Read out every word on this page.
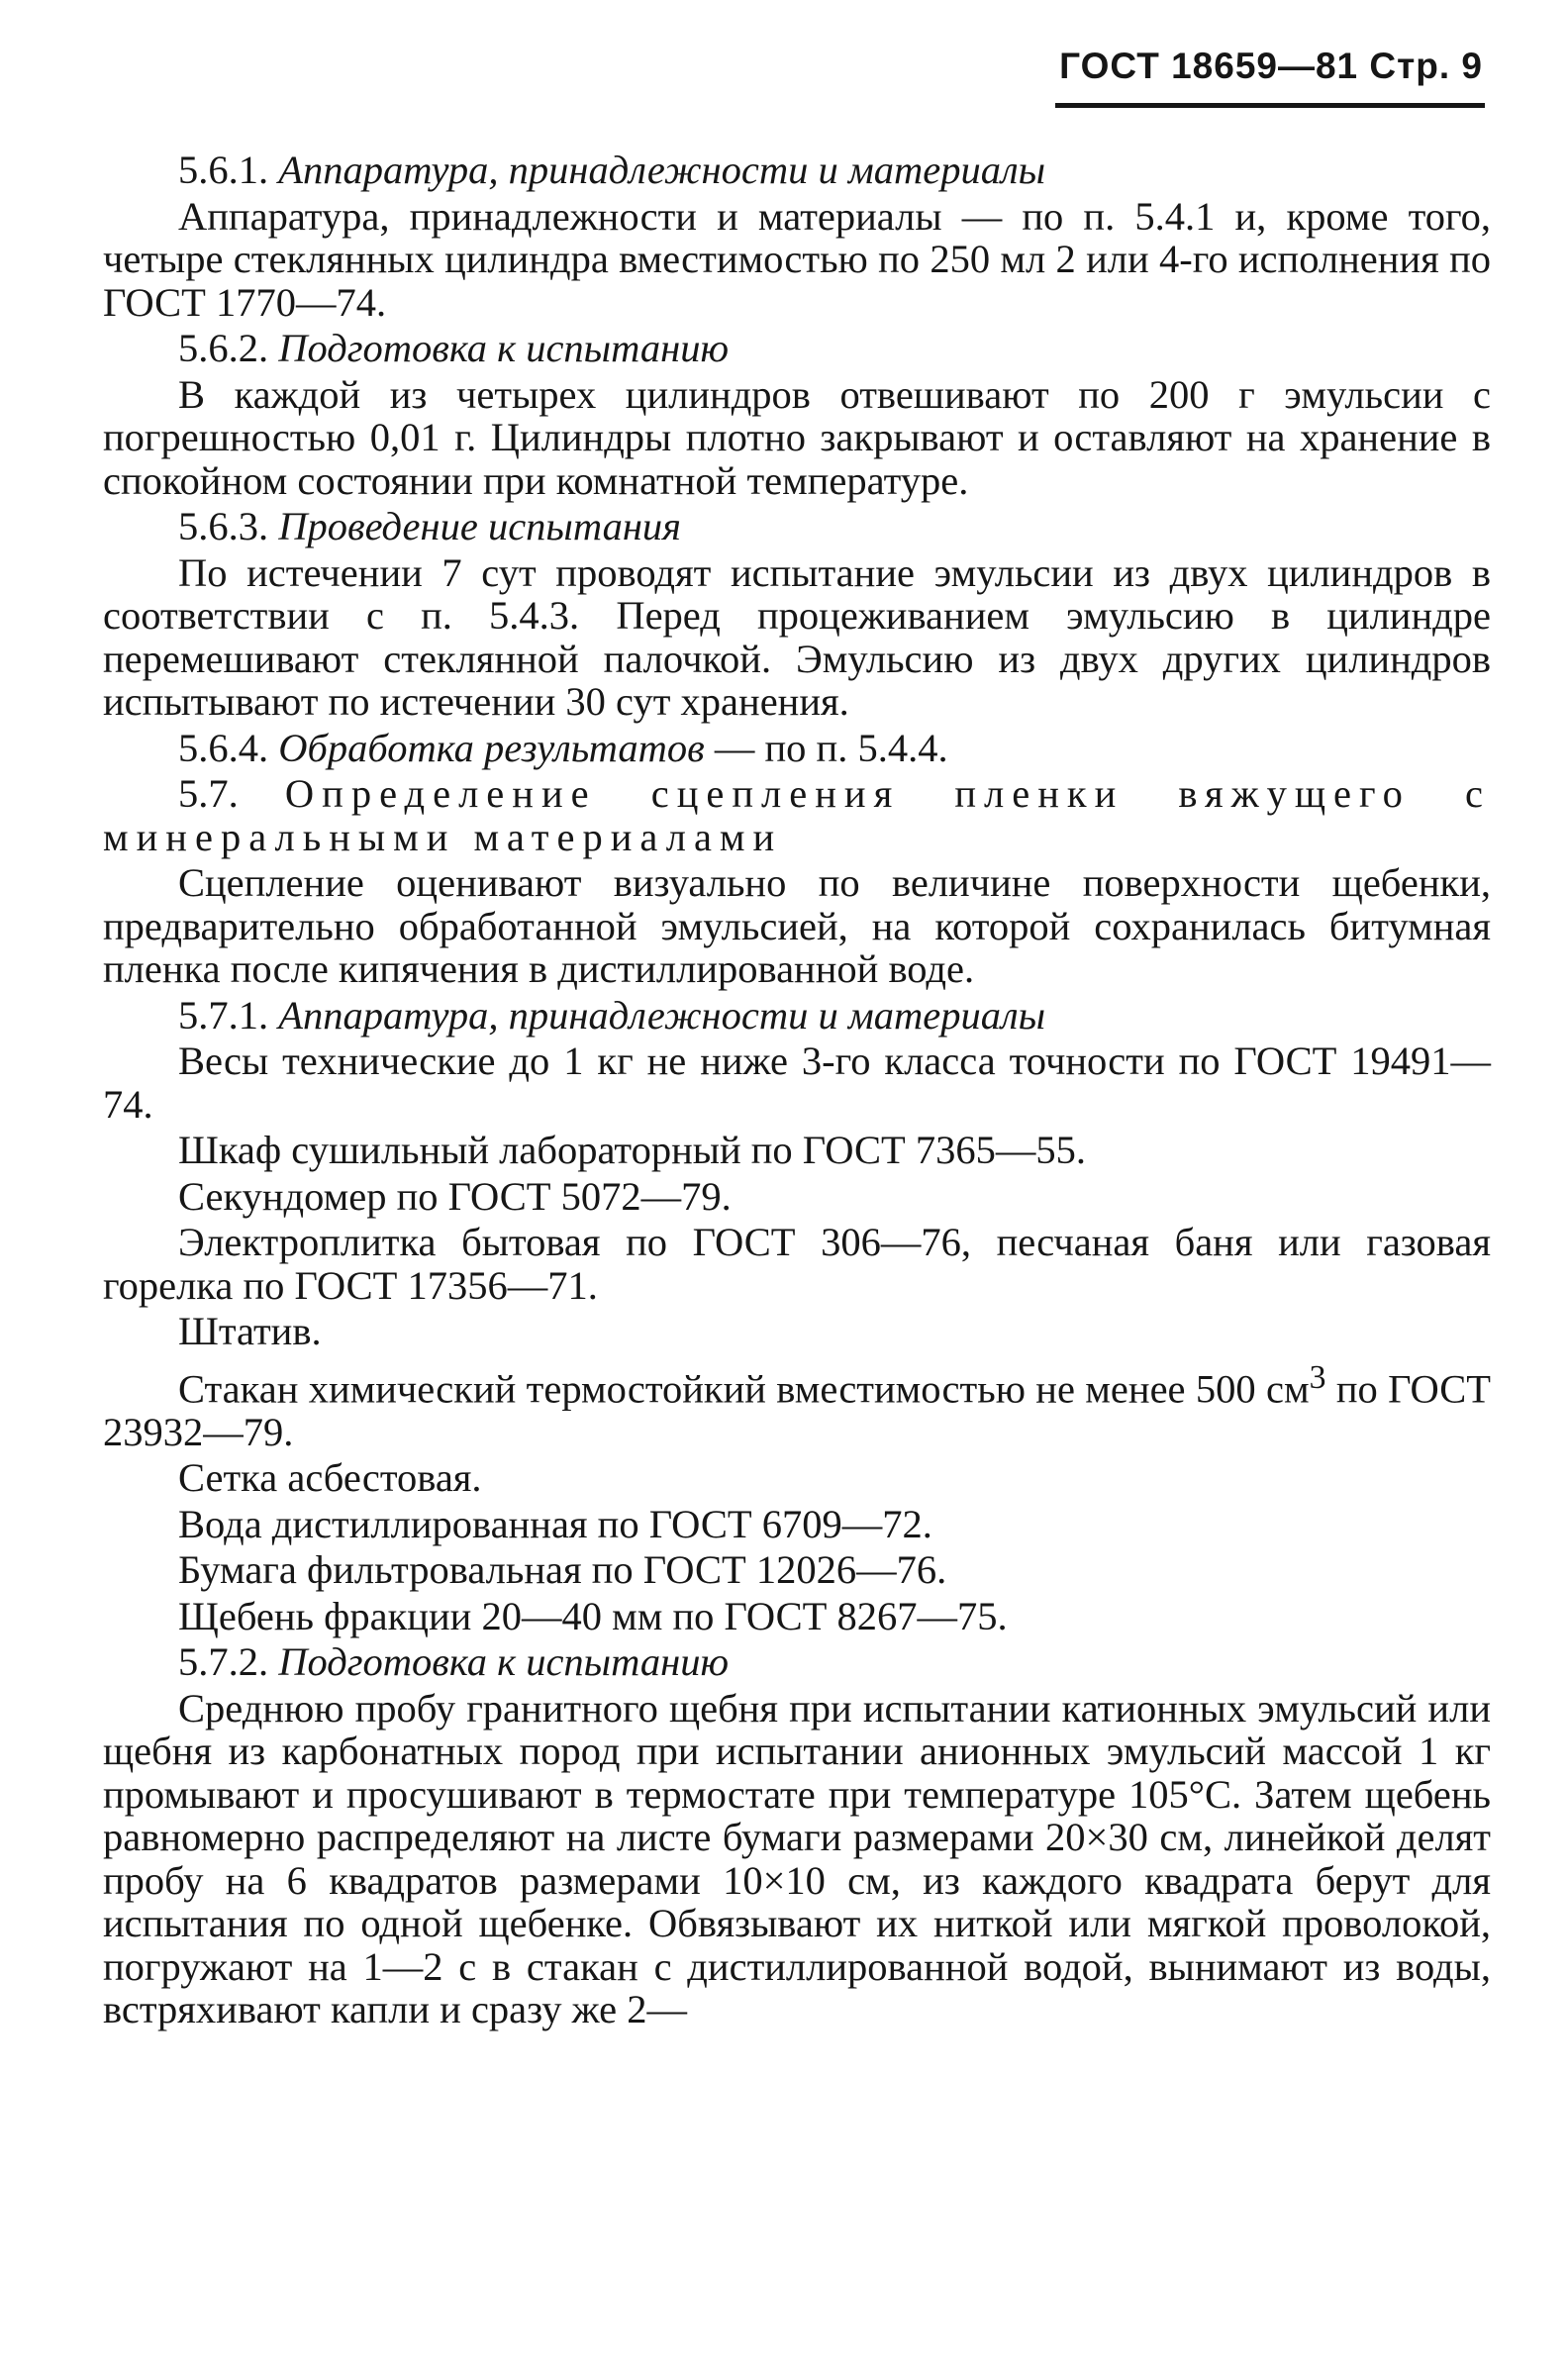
ГОСТ 18659—81 Стр. 9

5.6.1. Аппаратура, принадлежности и материалы

Аппаратура, принадлежности и материалы — по п. 5.4.1 и, кроме того, четыре стеклянных цилиндра вместимостью по 250 мл 2 или 4-го исполнения по ГОСТ 1770—74.

5.6.2. Подготовка к испытанию

В каждой из четырех цилиндров отвешивают по 200 г эмульсии с погрешностью 0,01 г. Цилиндры плотно закрывают и оставляют на хранение в спокойном состоянии при комнатной температуре.

5.6.3. Проведение испытания

По истечении 7 сут проводят испытание эмульсии из двух цилиндров в соответствии с п. 5.4.3. Перед процеживанием эмульсию в цилиндре перемешивают стеклянной палочкой. Эмульсию из двух других цилиндров испытывают по истечении 30 сут хранения.

5.6.4. Обработка результатов — по п. 5.4.4.

5.7. Определение сцепления пленки вяжущего с минеральными материалами

Сцепление оценивают визуально по величине поверхности щебенки, предварительно обработанной эмульсией, на которой сохранилась битумная пленка после кипячения в дистиллированной воде.

5.7.1. Аппаратура, принадлежности и материалы

Весы технические до 1 кг не ниже 3-го класса точности по ГОСТ 19491—74.

Шкаф сушильный лабораторный по ГОСТ 7365—55.

Секундомер по ГОСТ 5072—79.

Электроплитка бытовая по ГОСТ 306—76, песчаная баня или газовая горелка по ГОСТ 17356—71.

Штатив.

Стакан химический термостойкий вместимостью не менее 500 $см^3$ по ГОСТ 23932—79.

Сетка асбестовая.

Вода дистиллированная по ГОСТ 6709—72.

Бумага фильтровальная по ГОСТ 12026—76.

Щебень фракции 20—40 мм по ГОСТ 8267—75.

5.7.2. Подготовка к испытанию

Среднюю пробу гранитного щебня при испытании катионных эмульсий или щебня из карбонатных пород при испытании анионных эмульсий массой 1 кг промывают и просушивают в термостате при температуре 105°С. Затем щебень равномерно распределяют на листе бумаги размерами 20×30 см, линейкой делят пробу на 6 квадратов размерами 10×10 см, из каждого квадрата берут для испытания по одной щебенке. Обвязывают их ниткой или мягкой проволокой, погружают на 1—2 с в стакан с дистиллированной водой, вынимают из воды, встряхивают капли и сразу же 2—
